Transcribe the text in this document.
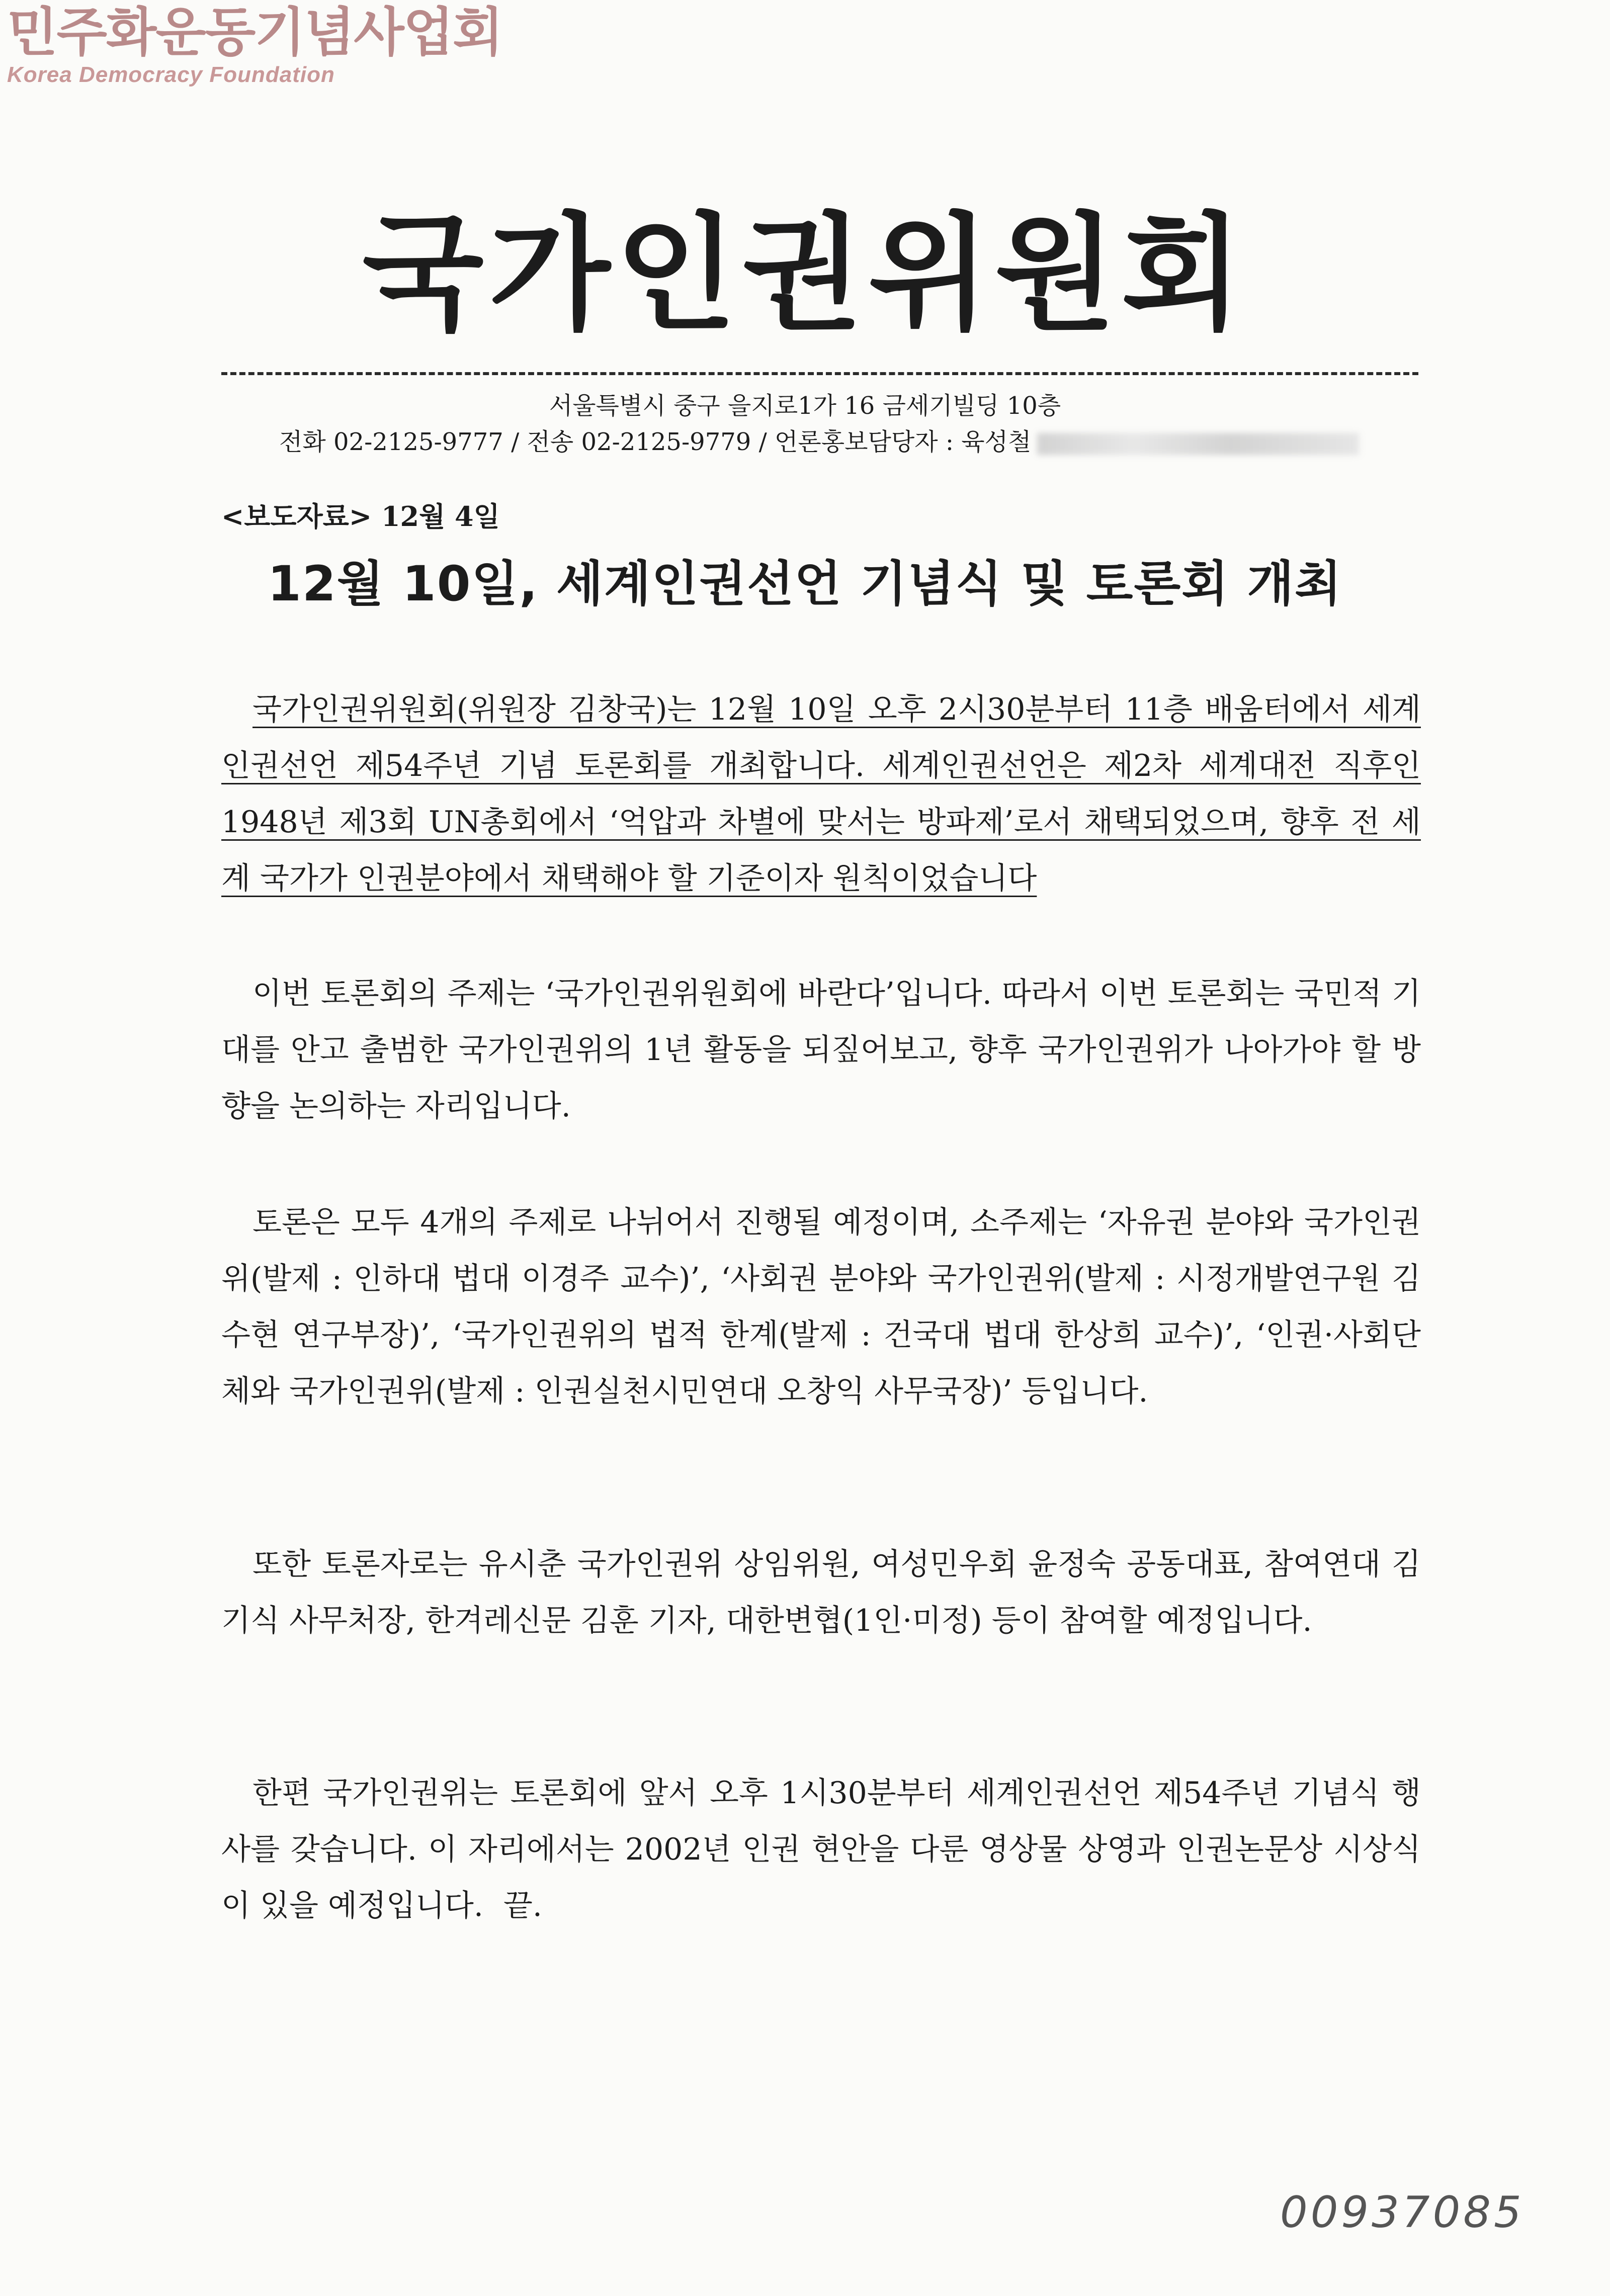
민주화운동기념사업회
Korea Democracy Foundation
국가인권위원회
서울특별시 중구 을지로1가 16 금세기빌딩 10층
전화 02-2125-9777 / 전송 02-2125-9779 / 언론홍보담당자 : 육성철
<보도자료> 12월 4일
12월 10일, 세계인권선언 기념식 및 토론회 개최
국가인권위원회(위원장 김창국)는 12월 10일 오후 2시30분부터 11층 배움터에서 세계인권선언 제54주년 기념 토론회를 개최합니다. 세계인권선언은 제2차 세계대전 직후인 1948년 제3회 UN총회에서 ‘억압과 차별에 맞서는 방파제’로서 채택되었으며, 향후 전 세계 국가가 인권분야에서 채택해야 할 기준이자 원칙이었습니다
이번 토론회의 주제는 ‘국가인권위원회에 바란다’입니다. 따라서 이번 토론회는 국민적 기대를 안고 출범한 국가인권위의 1년 활동을 되짚어보고, 향후 국가인권위가 나아가야 할 방향을 논의하는 자리입니다.
토론은 모두 4개의 주제로 나뉘어서 진행될 예정이며, 소주제는 ‘자유권 분야와 국가인권위(발제 : 인하대 법대 이경주 교수)’, ‘사회권 분야와 국가인권위(발제 : 시정개발연구원 김수현 연구부장)’, ‘국가인권위의 법적 한계(발제 : 건국대 법대 한상희 교수)’, ‘인권·사회단체와 국가인권위(발제 : 인권실천시민연대 오창익 사무국장)’ 등입니다.
또한 토론자로는 유시춘 국가인권위 상임위원, 여성민우회 윤정숙 공동대표, 참여연대 김기식 사무처장, 한겨레신문 김훈 기자, 대한변협(1인·미정) 등이 참여할 예정입니다.
한편 국가인권위는 토론회에 앞서 오후 1시30분부터 세계인권선언 제54주년 기념식 행사를 갖습니다. 이 자리에서는 2002년 인권 현안을 다룬 영상물 상영과 인권논문상 시상식이 있을 예정입니다. 끝.
00937085
